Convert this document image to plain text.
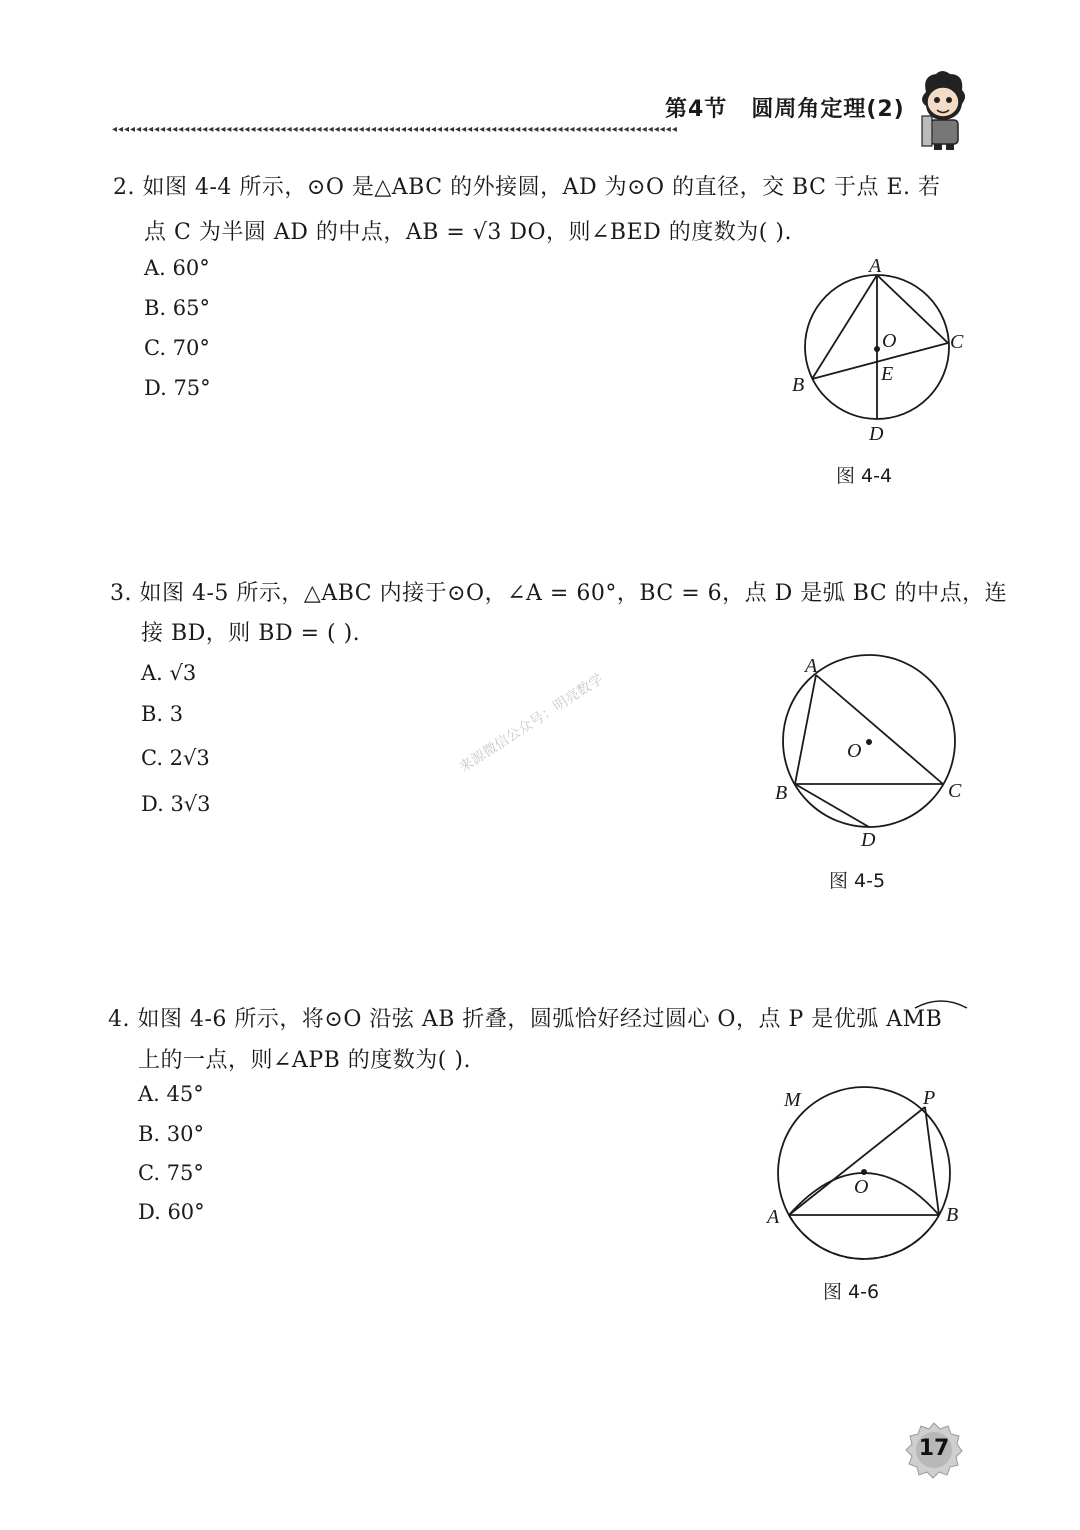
第4节 圆周角定理(2)
◂◂◂◂◂◂◂◂◂◂◂◂◂◂◂◂◂◂◂◂◂◂◂◂◂◂◂◂◂◂◂◂◂◂◂◂◂◂◂◂◂◂◂◂◂◂◂◂◂◂◂◂◂◂◂◂◂◂◂◂◂◂◂◂◂◂◂◂◂◂◂◂◂◂◂◂◂◂◂◂◂◂◂◂◂◂◂◂◂◂◂◂◂◂
2. 如图 4-4 所示，⊙O 是△ABC 的外接圆，AD 为⊙O 的直径，交 BC 于点 E. 若
点 C 为半圆 AD 的中点，AB = √3 DO，则∠BED 的度数为( ).
A. 60°
B. 65°
C. 70°
D. 75°
A
B
C
D
O
E
图 4-4
3. 如图 4-5 所示，△ABC 内接于⊙O，∠A = 60°，BC = 6，点 D 是弧 BC 的中点，连
接 BD，则 BD = ( ).
A. √3
B. 3
C. 2√3
D. 3√3
A
B	C
D
O
图 4-5
来源微信公众号：明亮数学
4. 如图 4-6 所示，将⊙O 沿弦 AB 折叠，圆弧恰好经过圆心 O，点 P 是优弧 AMB
上的一点，则∠APB 的度数为( ).
A. 45°
B. 30°
C. 75°
D. 60°
M	P
O
A	B
图 4-6
17
